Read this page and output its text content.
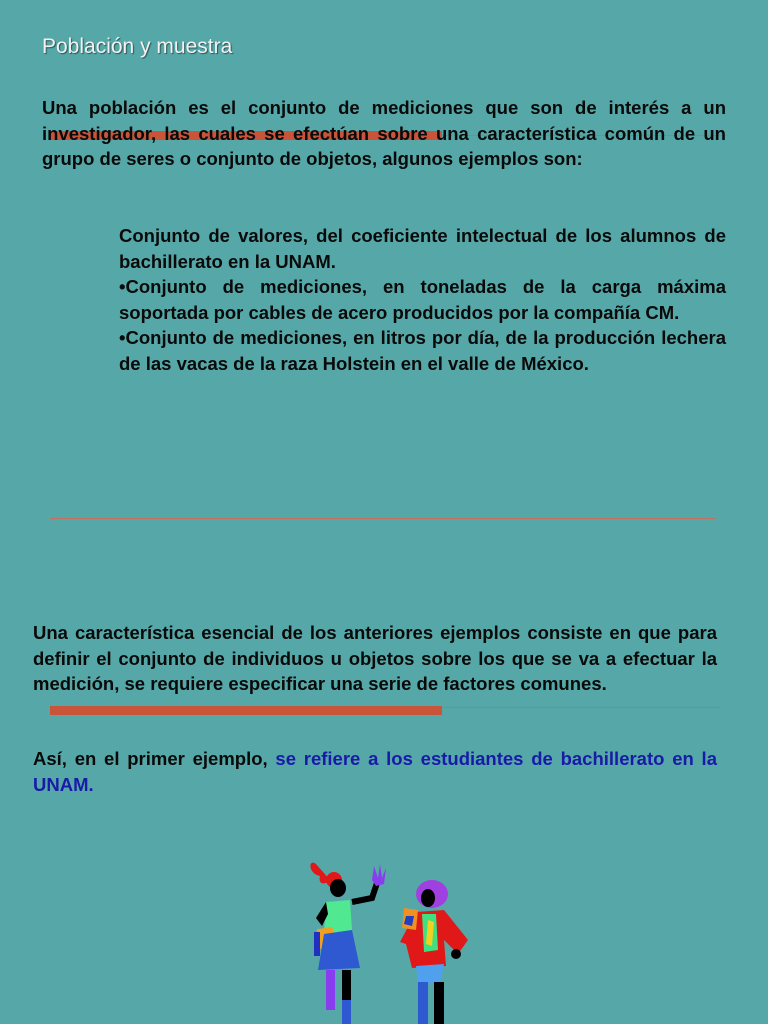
Población y muestra

Una población es el conjunto de mediciones que son de interés a un investigador, las cuales se efectúan sobre una característica común de un grupo de seres o conjunto de objetos, algunos ejemplos son:

Conjunto de valores, del coeficiente intelectual de los alumnos de bachillerato en la UNAM.

•Conjunto de mediciones, en toneladas de la carga máxima soportada por cables de acero producidos por la compañía CM.

•Conjunto de mediciones, en litros por día, de la producción lechera de las vacas de la raza Holstein en el valle de México.

Una característica esencial de los anteriores ejemplos consiste en que para definir el conjunto de individuos u objetos sobre los que se va a efectuar la medición, se requiere especificar una serie de factores comunes.

Así, en el primer ejemplo, se refiere a los estudiantes de bachillerato en la UNAM.
